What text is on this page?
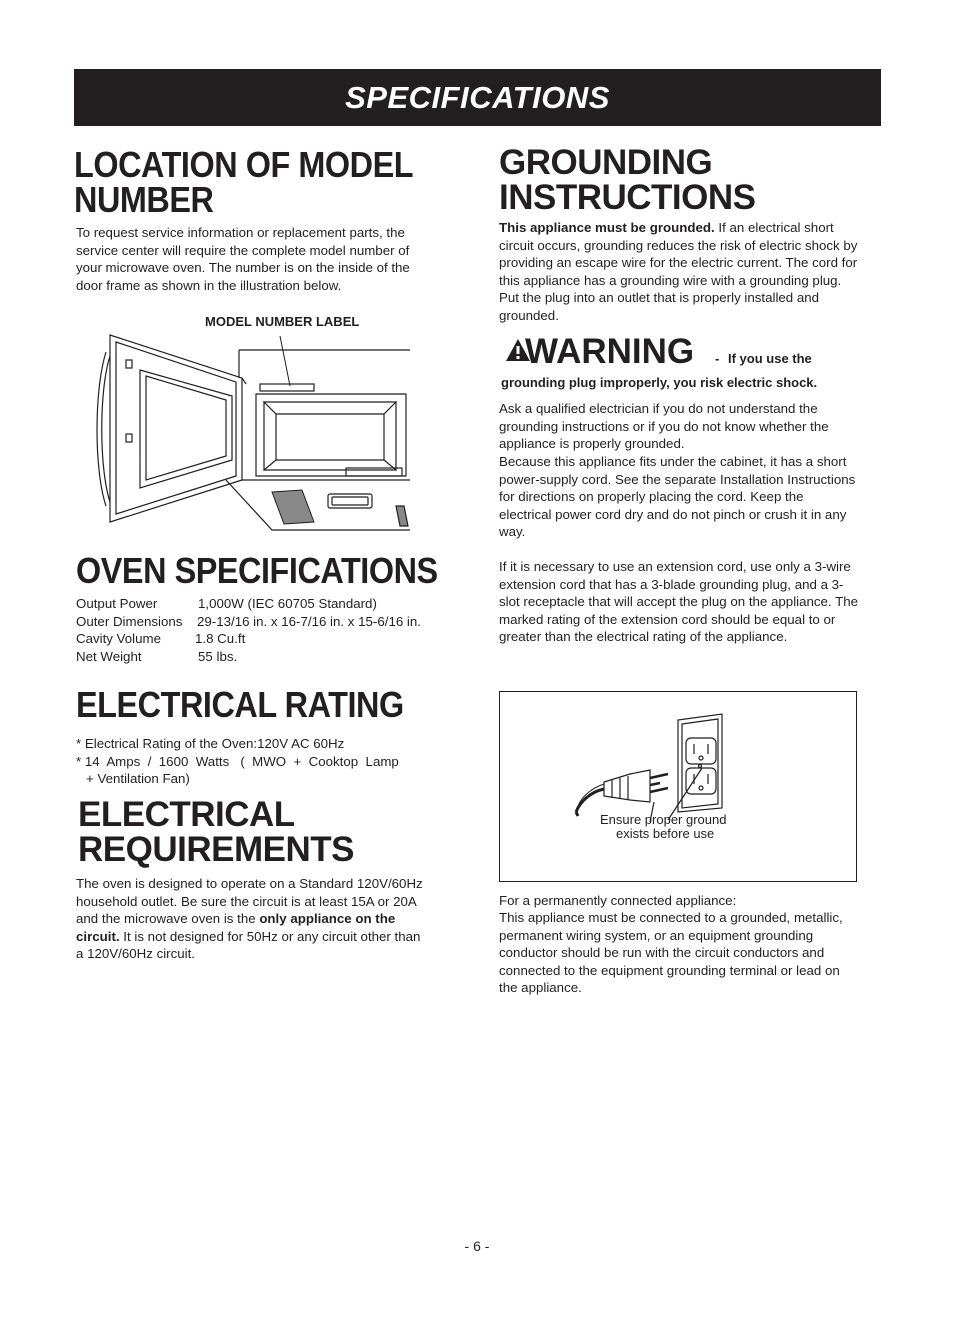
SPECIFICATIONS
LOCATION OF MODEL
NUMBER
To request service information or replacement parts, the service center will require the complete model number of your microwave oven. The number is on the inside of the door frame as shown in the illustration below.
MODEL NUMBER LABEL
OVEN SPECIFICATIONS
Output Power	1,000W (IEC 60705 Standard)
Outer Dimensions	29-13/16 in. x 16-7/16 in. x 15-6/16 in.
Cavity Volume	1.8 Cu.ft
Net Weight	55 lbs.
ELECTRICAL RATING
* Electrical Rating of the Oven:120V AC 60Hz
* 14  Amps  /  1600  Watts   (  MWO  +  Cooktop  Lamp
+ Ventilation Fan)
ELECTRICAL
REQUIREMENTS
The oven is designed to operate on a Standard 120V/60Hz household outlet. Be sure the circuit is at least 15A or 20A and the microwave oven is the only appliance on the circuit. It is not designed for 50Hz or any circuit other than a 120V/60Hz circuit.
GROUNDING
INSTRUCTIONS
This appliance must be grounded. If an electrical short circuit occurs, grounding reduces the risk of electric shock by providing an escape wire for the electric current. The cord for this appliance has a grounding wire with a grounding plug. Put the plug into an outlet that is properly installed and grounded.
WARNING - If you use the
grounding plug improperly, you risk electric shock.
Ask a qualified electrician if you do not understand the grounding instructions or if you do not know whether the appliance is properly grounded.
Because this appliance fits under the cabinet, it has a short power-supply cord. See the separate Installation Instructions for directions on properly placing the cord. Keep the electrical power cord dry and do not pinch or crush it in any way.
If it is necessary to use an extension cord, use only a 3-wire extension cord that has a 3-blade grounding plug, and a 3-slot receptacle that will accept the plug on the appliance. The marked rating of the extension cord should be equal to or greater than the electrical rating of the appliance.
Ensure proper ground
exists before use
For a permanently connected appliance:
This appliance must be connected to a grounded, metallic, permanent wiring system, or an equipment grounding conductor should be run with the circuit conductors and connected to the equipment grounding terminal or lead on the appliance.
- 6 -
